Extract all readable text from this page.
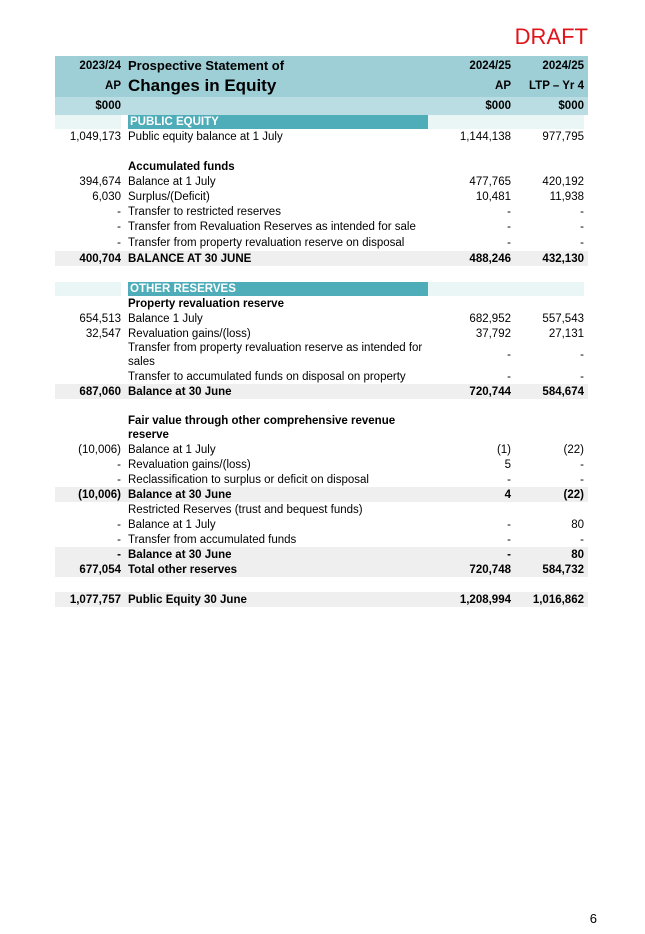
DRAFT
2023/24 Prospective Statement of	2024/25	2024/25
AP Changes in Equity	AP	LTP – Yr 4
$000	$000	$000
PUBLIC EQUITY
1,049,173 Public equity balance at 1 July	1,144,138	977,795
Accumulated funds
394,674 Balance at 1 July	477,765	420,192
6,030 Surplus/(Deficit)	10,481	11,938
- Transfer to restricted reserves	-	-
- Transfer from Revaluation Reserves as intended for sale	-	-
- Transfer from property revaluation reserve on disposal	-	-
400,704 BALANCE AT 30 JUNE	488,246	432,130
OTHER RESERVES
Property revaluation reserve
654,513 Balance 1 July	682,952	557,543
32,547 Revaluation gains/(loss)	37,792	27,131
Transfer from property revaluation reserve as intended for sales
-	-
Transfer to accumulated funds on disposal on property	-	-
687,060 Balance at 30 June	720,744	584,674
Fair value through other comprehensive revenue reserve
(10,006) Balance at 1 July	(1)	(22)
- Revaluation gains/(loss)	5	-
- Reclassification to surplus or deficit on disposal	-	-
(10,006) Balance at 30 June	4	(22)
Restricted Reserves (trust and bequest funds)
- Balance at 1 July	-	80
- Transfer from accumulated funds	-	-
- Balance at 30 June	-	80
677,054 Total other reserves	720,748	584,732
1,077,757 Public Equity 30 June	1,208,994	1,016,862
6
